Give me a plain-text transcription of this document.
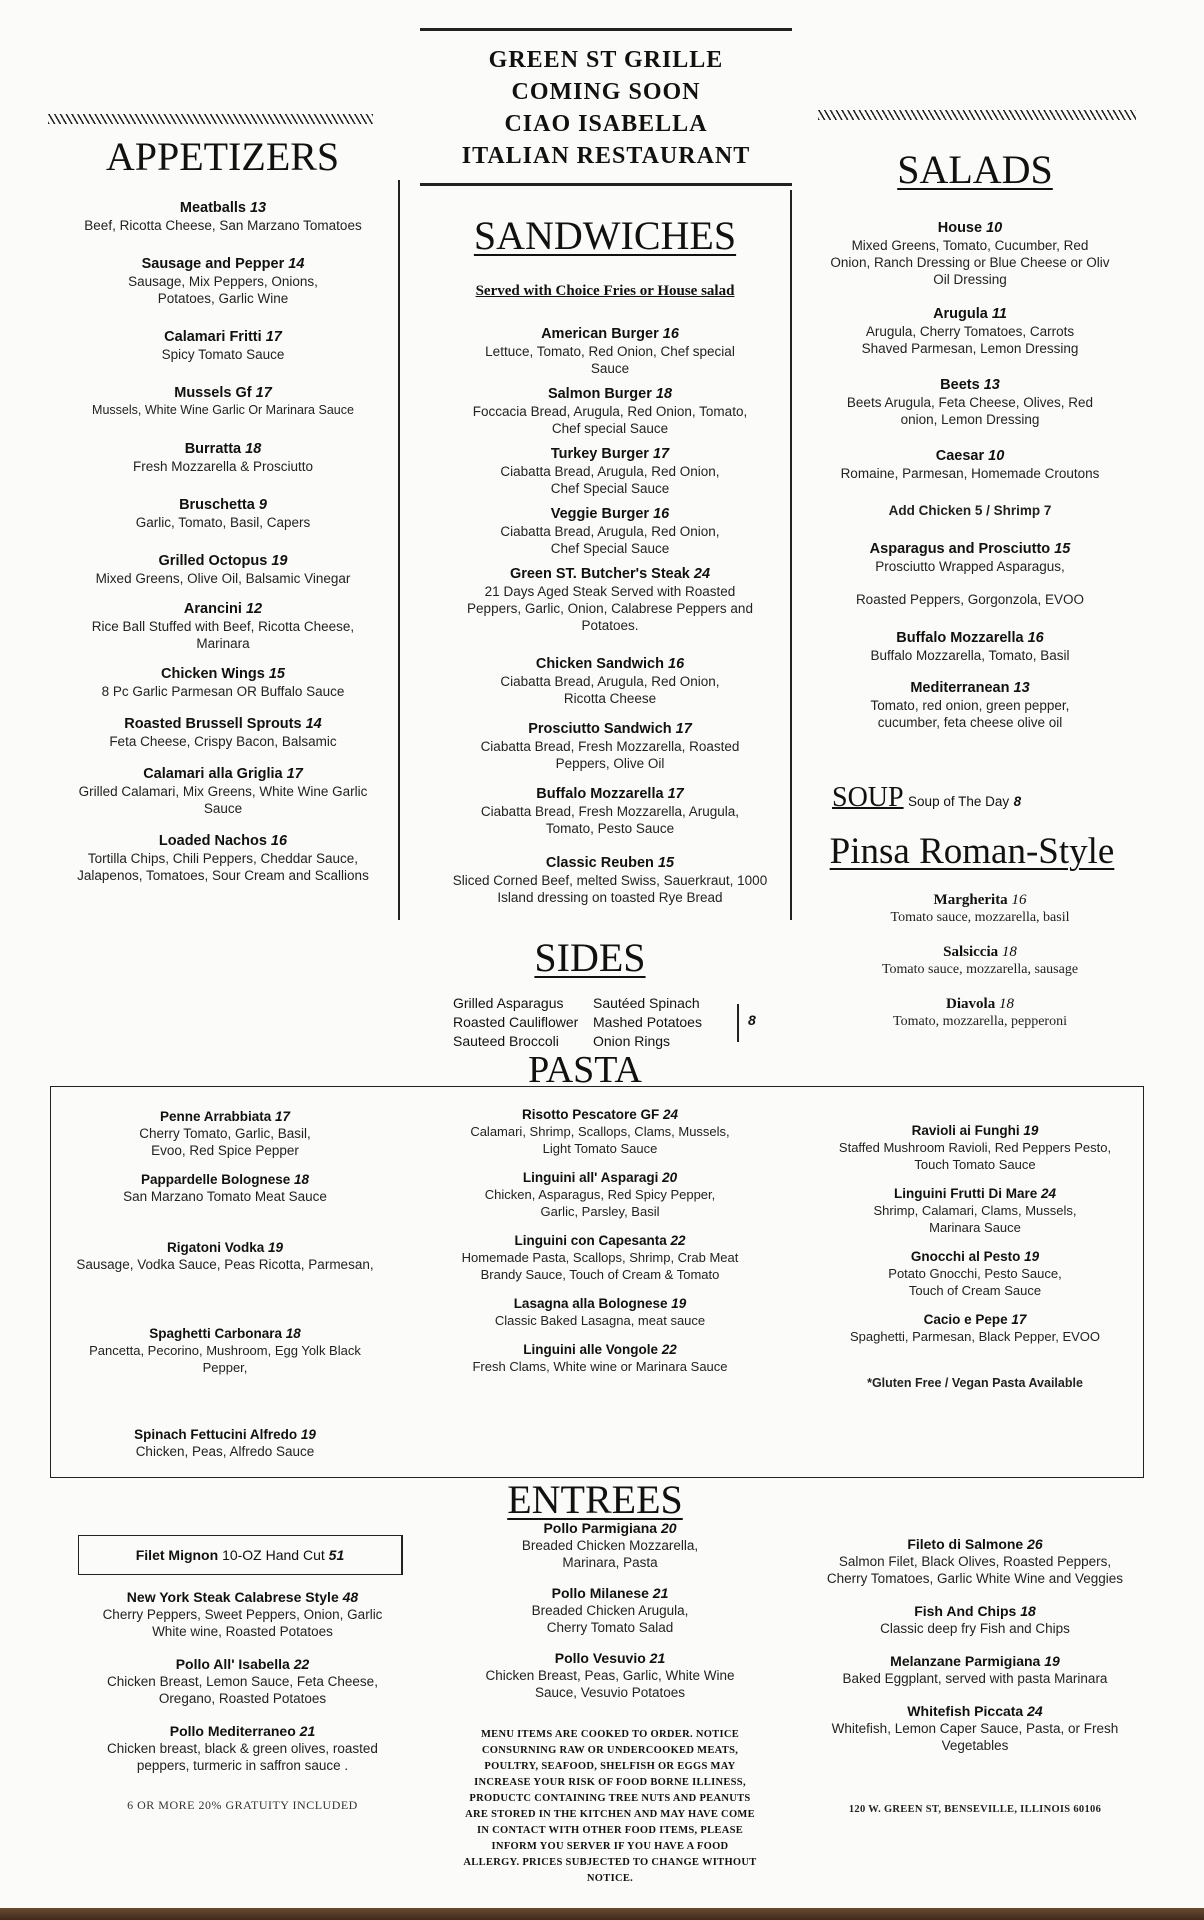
GREEN ST GRILLE
COMING SOON
CIAO ISABELLA
ITALIAN RESTAURANT
APPETIZERS
Meatballs 13
Beef, Ricotta Cheese, San Marzano Tomatoes
Sausage and Pepper 14
Sausage, Mix Peppers, Onions, Potatoes, Garlic Wine
Calamari Fritti 17
Spicy Tomato Sauce
Mussels Gf 17
Mussels, White Wine Garlic Or Marinara Sauce
Burratta 18
Fresh Mozzarella & Prosciutto
Bruschetta 9
Garlic, Tomato, Basil, Capers
Grilled Octopus 19
Mixed Greens, Olive Oil, Balsamic Vinegar
Arancini 12
Rice Ball Stuffed with Beef, Ricotta Cheese, Marinara
Chicken Wings 15
8 Pc Garlic Parmesan OR Buffalo Sauce
Roasted Brussell Sprouts 14
Feta Cheese, Crispy Bacon, Balsamic
Calamari alla Griglia 17
Grilled Calamari, Mix Greens, White Wine Garlic Sauce
Loaded Nachos 16
Tortilla Chips, Chili Peppers, Cheddar Sauce, Jalapenos, Tomatoes, Sour Cream and Scallions
SANDWICHES
Served with Choice Fries or House salad
American Burger 16
Lettuce, Tomato, Red Onion, Chef special Sauce
Salmon Burger 18
Foccacia Bread, Arugula, Red Onion, Tomato, Chef special Sauce
Turkey Burger 17
Ciabatta Bread, Arugula, Red Onion, Chef Special Sauce
Veggie Burger 16
Ciabatta Bread, Arugula, Red Onion, Chef Special Sauce
Green ST. Butcher's Steak 24
21 Days Aged Steak Served with Roasted Peppers, Garlic, Onion, Calabrese Peppers and Potatoes.
Chicken Sandwich 16
Ciabatta Bread, Arugula, Red Onion, Ricotta Cheese
Prosciutto Sandwich 17
Ciabatta Bread, Fresh Mozzarella, Roasted Peppers, Olive Oil
Buffalo Mozzarella 17
Ciabatta Bread, Fresh Mozzarella, Arugula, Tomato, Pesto Sauce
Classic Reuben 15
Sliced Corned Beef, melted Swiss, Sauerkraut, 1000 Island dressing on toasted Rye Bread
SIDES
Grilled Asparagus	Sautéed Spinach
Roasted Cauliflower	Mashed Potatoes
Sauteed Broccoli	Onion Rings
8
SALADS
House 10
Mixed Greens, Tomato, Cucumber, Red Onion, Ranch Dressing or Blue Cheese or Oliv Oil Dressing
Arugula 11
Arugula, Cherry Tomatoes, Carrots Shaved Parmesan, Lemon Dressing
Beets 13
Beets Arugula, Feta Cheese, Olives, Red onion, Lemon Dressing
Caesar 10
Romaine, Parmesan, Homemade Croutons
Add Chicken 5 / Shrimp 7
Asparagus and Prosciutto 15
Prosciutto Wrapped Asparagus,
Roasted Peppers, Gorgonzola, EVOO
Buffalo Mozzarella 16
Buffalo Mozzarella, Tomato, Basil
Mediterranean 13
Tomato, red onion, green pepper, cucumber, feta cheese olive oil
SOUP Soup of The Day 8
Pinsa Roman-Style
Margherita 16
Tomato sauce, mozzarella, basil
Salsiccia 18
Tomato sauce, mozzarella, sausage
Diavola 18
Tomato, mozzarella, pepperoni
PASTA
Penne Arrabbiata 17
Cherry Tomato, Garlic, Basil, Evoo, Red Spice Pepper
Pappardelle Bolognese 18
San Marzano Tomato Meat Sauce
Rigatoni Vodka 19
Sausage, Vodka Sauce, Peas Ricotta, Parmesan,
Spaghetti Carbonara 18
Pancetta, Pecorino, Mushroom, Egg Yolk Black Pepper,
Spinach Fettucini Alfredo 19
Chicken, Peas, Alfredo Sauce
Risotto Pescatore GF 24
Calamari, Shrimp, Scallops, Clams, Mussels, Light Tomato Sauce
Linguini all' Asparagi 20
Chicken, Asparagus, Red Spicy Pepper, Garlic, Parsley, Basil
Linguini con Capesanta 22
Homemade Pasta, Scallops, Shrimp, Crab Meat Brandy Sauce, Touch of Cream & Tomato
Lasagna alla Bolognese 19
Classic Baked Lasagna, meat sauce
Linguini alle Vongole 22
Fresh Clams, White wine or Marinara Sauce
Ravioli ai Funghi 19
Staffed Mushroom Ravioli, Red Peppers Pesto, Touch Tomato Sauce
Linguini Frutti Di Mare 24
Shrimp, Calamari, Clams, Mussels, Marinara Sauce
Gnocchi al Pesto 19
Potato Gnocchi, Pesto Sauce, Touch of Cream Sauce
Cacio e Pepe 17
Spaghetti, Parmesan, Black Pepper, EVOO
*Gluten Free / Vegan Pasta Available
ENTREES
Filet Mignon
10-OZ Hand Cut
51
New York Steak Calabrese Style 48
Cherry Peppers, Sweet Peppers, Onion, Garlic White wine, Roasted Potatoes
Pollo All' Isabella 22
Chicken Breast, Lemon Sauce, Feta Cheese, Oregano, Roasted Potatoes
Pollo Mediterraneo 21
Chicken breast, black & green olives, roasted peppers, turmeric in saffron sauce .
6 OR MORE 20% GRATUITY INCLUDED
Pollo Parmigiana 20
Breaded Chicken Mozzarella, Marinara, Pasta
Pollo Milanese 21
Breaded Chicken Arugula, Cherry Tomato Salad
Pollo Vesuvio 21
Chicken Breast, Peas, Garlic, White Wine Sauce, Vesuvio Potatoes
MENU ITEMS ARE COOKED TO ORDER. NOTICE CONSURNING RAW OR UNDERCOOKED MEATS, POULTRY, SEAFOOD, SHELFISH OR EGGS MAY INCREASE YOUR RISK OF FOOD BORNE ILLINESS, PRODUCTC CONTAINING TREE NUTS AND PEANUTS ARE STORED IN THE KITCHEN AND MAY HAVE COME IN CONTACT WITH OTHER FOOD ITEMS, PLEASE INFORM YOU SERVER IF YOU HAVE A FOOD ALLERGY. PRICES SUBJECTED TO CHANGE WITHOUT NOTICE.
Fileto di Salmone 26
Salmon Filet, Black Olives, Roasted Peppers, Cherry Tomatoes, Garlic White Wine and Veggies
Fish And Chips 18
Classic deep fry Fish and Chips
Melanzane Parmigiana 19
Baked Eggplant, served with pasta Marinara
Whitefish Piccata 24
Whitefish, Lemon Caper Sauce, Pasta, or Fresh Vegetables
120 W. GREEN ST, BENSEVILLE, ILLINOIS 60106
